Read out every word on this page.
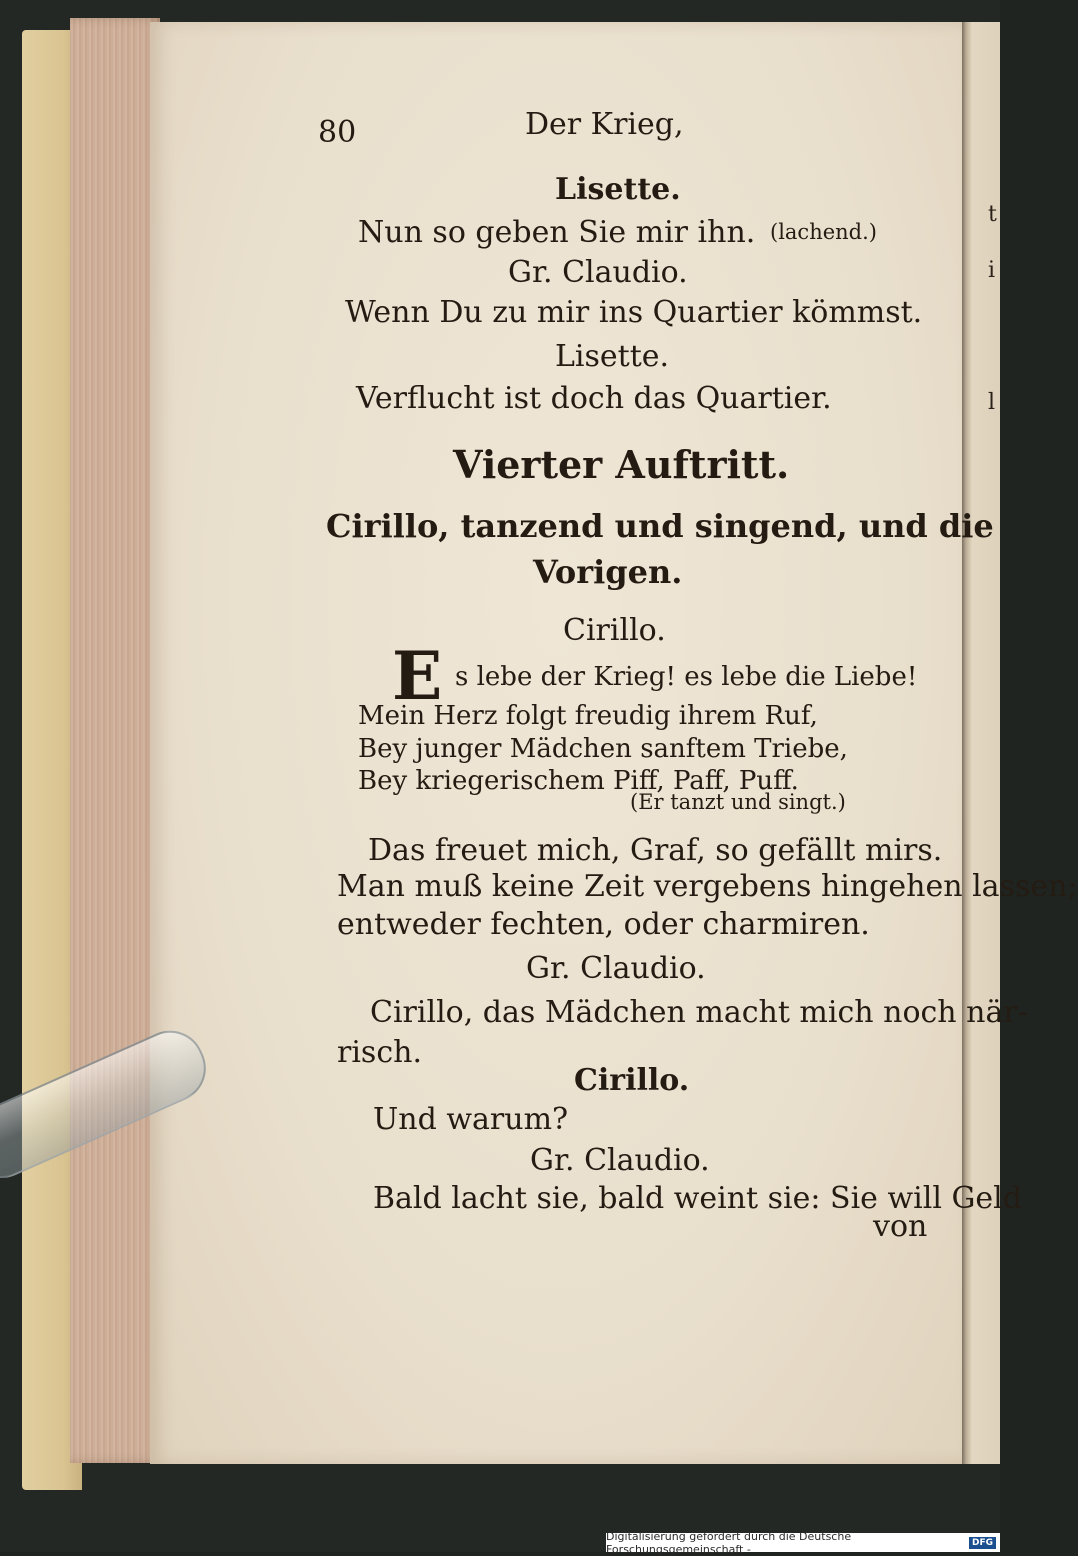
t
i
l
80	Der Krieg,
Lisette.
Nun so geben Sie mir ihn. (lachend.)
Gr. Claudio.
Wenn Du zu mir ins Quartier kömmst.
Lisette.
Verflucht ist doch das Quartier.
Vierter Auftritt.
Cirillo, tanzend und singend, und die
Vorigen.
Cirillo.
E s lebe der Krieg! es lebe die Liebe!
Mein Herz folgt freudig ihrem Ruf,
Bey junger Mädchen sanftem Triebe,
Bey kriegerischem Piff, Paff, Puff.
(Er tanzt und singt.)
Das freuet mich, Graf, so gefällt mirs.
Man muß keine Zeit vergebens hingehen lassen;
entweder fechten, oder charmiren.
Gr. Claudio.
Cirillo, das Mädchen macht mich noch när-
risch.
Cirillo.
Und warum?
Gr. Claudio.
Bald lacht sie, bald weint sie: Sie will Geld
von
Digitalisierung gefördert durch die Deutsche Forschungsgemeinschaft -	DFG
